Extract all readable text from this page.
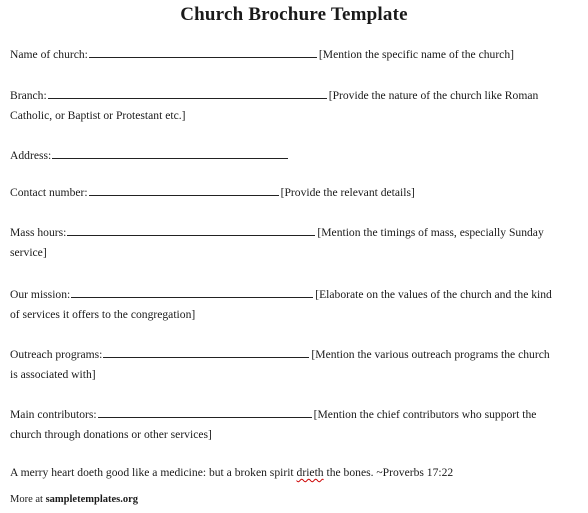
Church Brochure Template
Name of church:	[Mention the specific name of the church]
Branch:	[Provide the nature of the church like Roman
Catholic, or Baptist or Protestant etc.]
Address:
Contact number:	[Provide the relevant details]
Mass hours:	[Mention the timings of mass, especially Sunday
service]
Our mission:	[Elaborate on the values of the church and the kind
of services it offers to the congregation]
Outreach programs:	[Mention the various outreach programs the church
is associated with]
Main contributors:	[Mention the chief contributors who support the
church through donations or other services]
A merry heart doeth good like a medicine: but a broken spirit drieth the bones. ~Proverbs 17:22
More at sampletemplates.org
